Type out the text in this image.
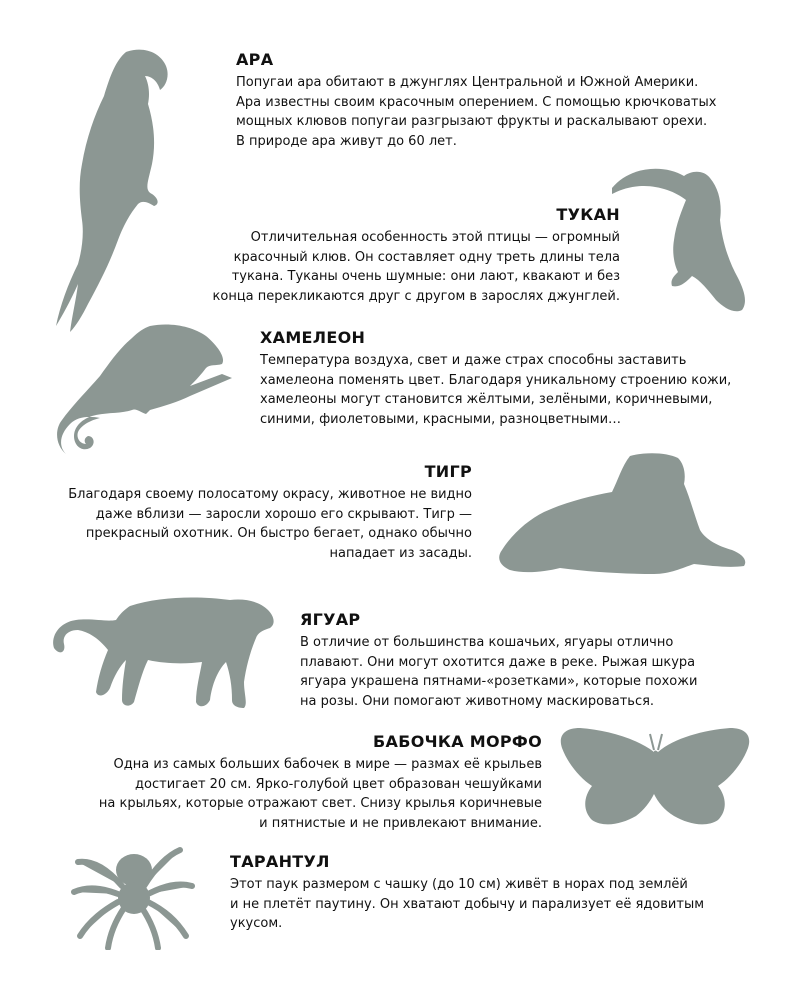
АРА

Попугаи ара обитают в джунглях Центральной и Южной Америки.
Ара известны своим красочным оперением. С помощью крючковатых
мощных клювов попугаи разгрызают фрукты и раскалывают орехи.
В природе ара живут до 60 лет.

ТУКАН

Отличительная особенность этой птицы — огромный
красочный клюв. Он составляет одну треть длины тела
тукана. Туканы очень шумные: они лают, квакают и без
конца перекликаются друг с другом в зарослях джунглей.

ХАМЕЛЕОН

Температура воздуха, свет и даже страх способны заставить
хамелеона поменять цвет. Благодаря уникальному строению кожи,
хамелеоны могут становится жёлтыми, зелёными, коричневыми,
синими, фиолетовыми, красными, разноцветными…

ТИГР

Благодаря своему полосатому окрасу, животное не видно
даже вблизи — заросли хорошо его скрывают. Тигр —
прекрасный охотник. Он быстро бегает, однако обычно
нападает из засады.

ЯГУАР

В отличие от большинства кошачьих, ягуары отлично
плавают. Они могут охотится даже в реке. Рыжая шкура
ягуара украшена пятнами-«розетками», которые похожи
на розы. Они помогают животному маскироваться.

БАБОЧКА МОРФО

Одна из самых больших бабочек в мире — размах её крыльев
достигает 20 см. Ярко-голубой цвет образован чешуйками
на крыльях, которые отражают свет. Снизу крылья коричневые
и пятнистые и не привлекают внимание.

ТАРАНТУЛ

Этот паук размером с чашку (до 10 см) живёт в норах под землёй
и не плетёт паутину. Он хватают добычу и парализует её ядовитым
укусом.
